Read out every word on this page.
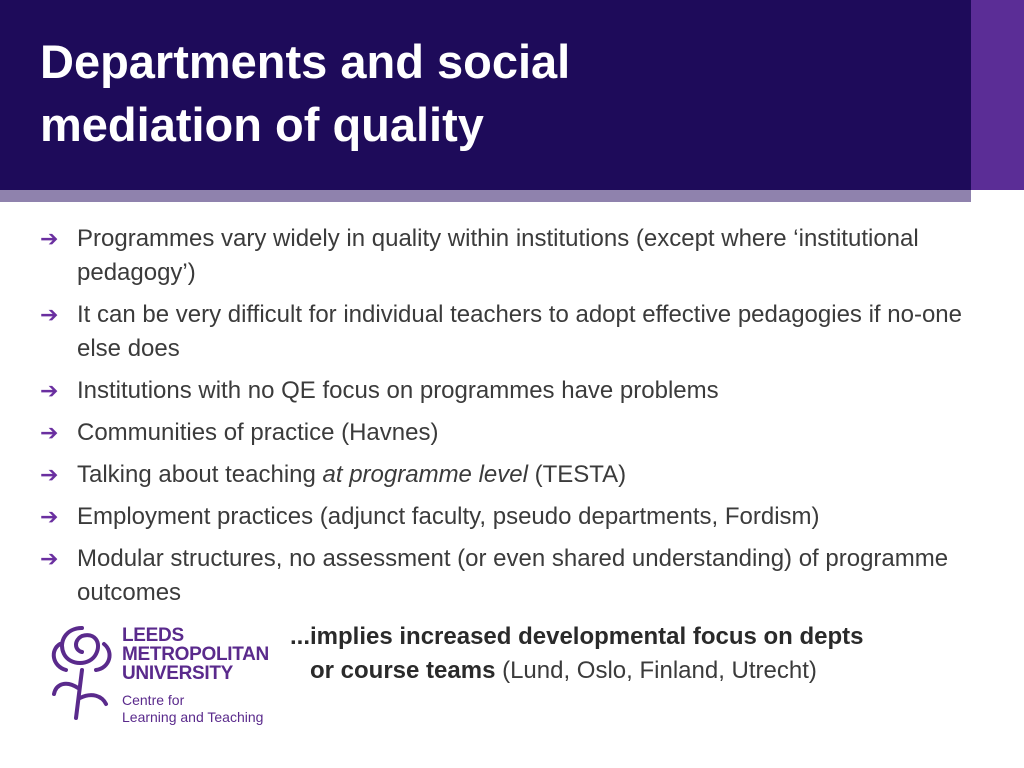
Departments and social
mediation of quality
➔ Programmes vary widely in quality within institutions (except where ‘institutional pedagogy’)
➔ It can be very difficult for individual teachers to adopt effective pedagogies if no-one else does
➔ Institutions with no QE focus on programmes have problems
➔ Communities of practice (Havnes)
➔ Talking about teaching at programme level (TESTA)
➔ Employment practices (adjunct faculty, pseudo departments, Fordism)
➔ Modular structures, no assessment (or even shared understanding) of programme outcomes
...implies increased developmental focus on depts
or course teams (Lund, Oslo, Finland, Utrecht)
LEEDS
METROPOLITAN
UNIVERSITY
Centre for
Learning and Teaching
